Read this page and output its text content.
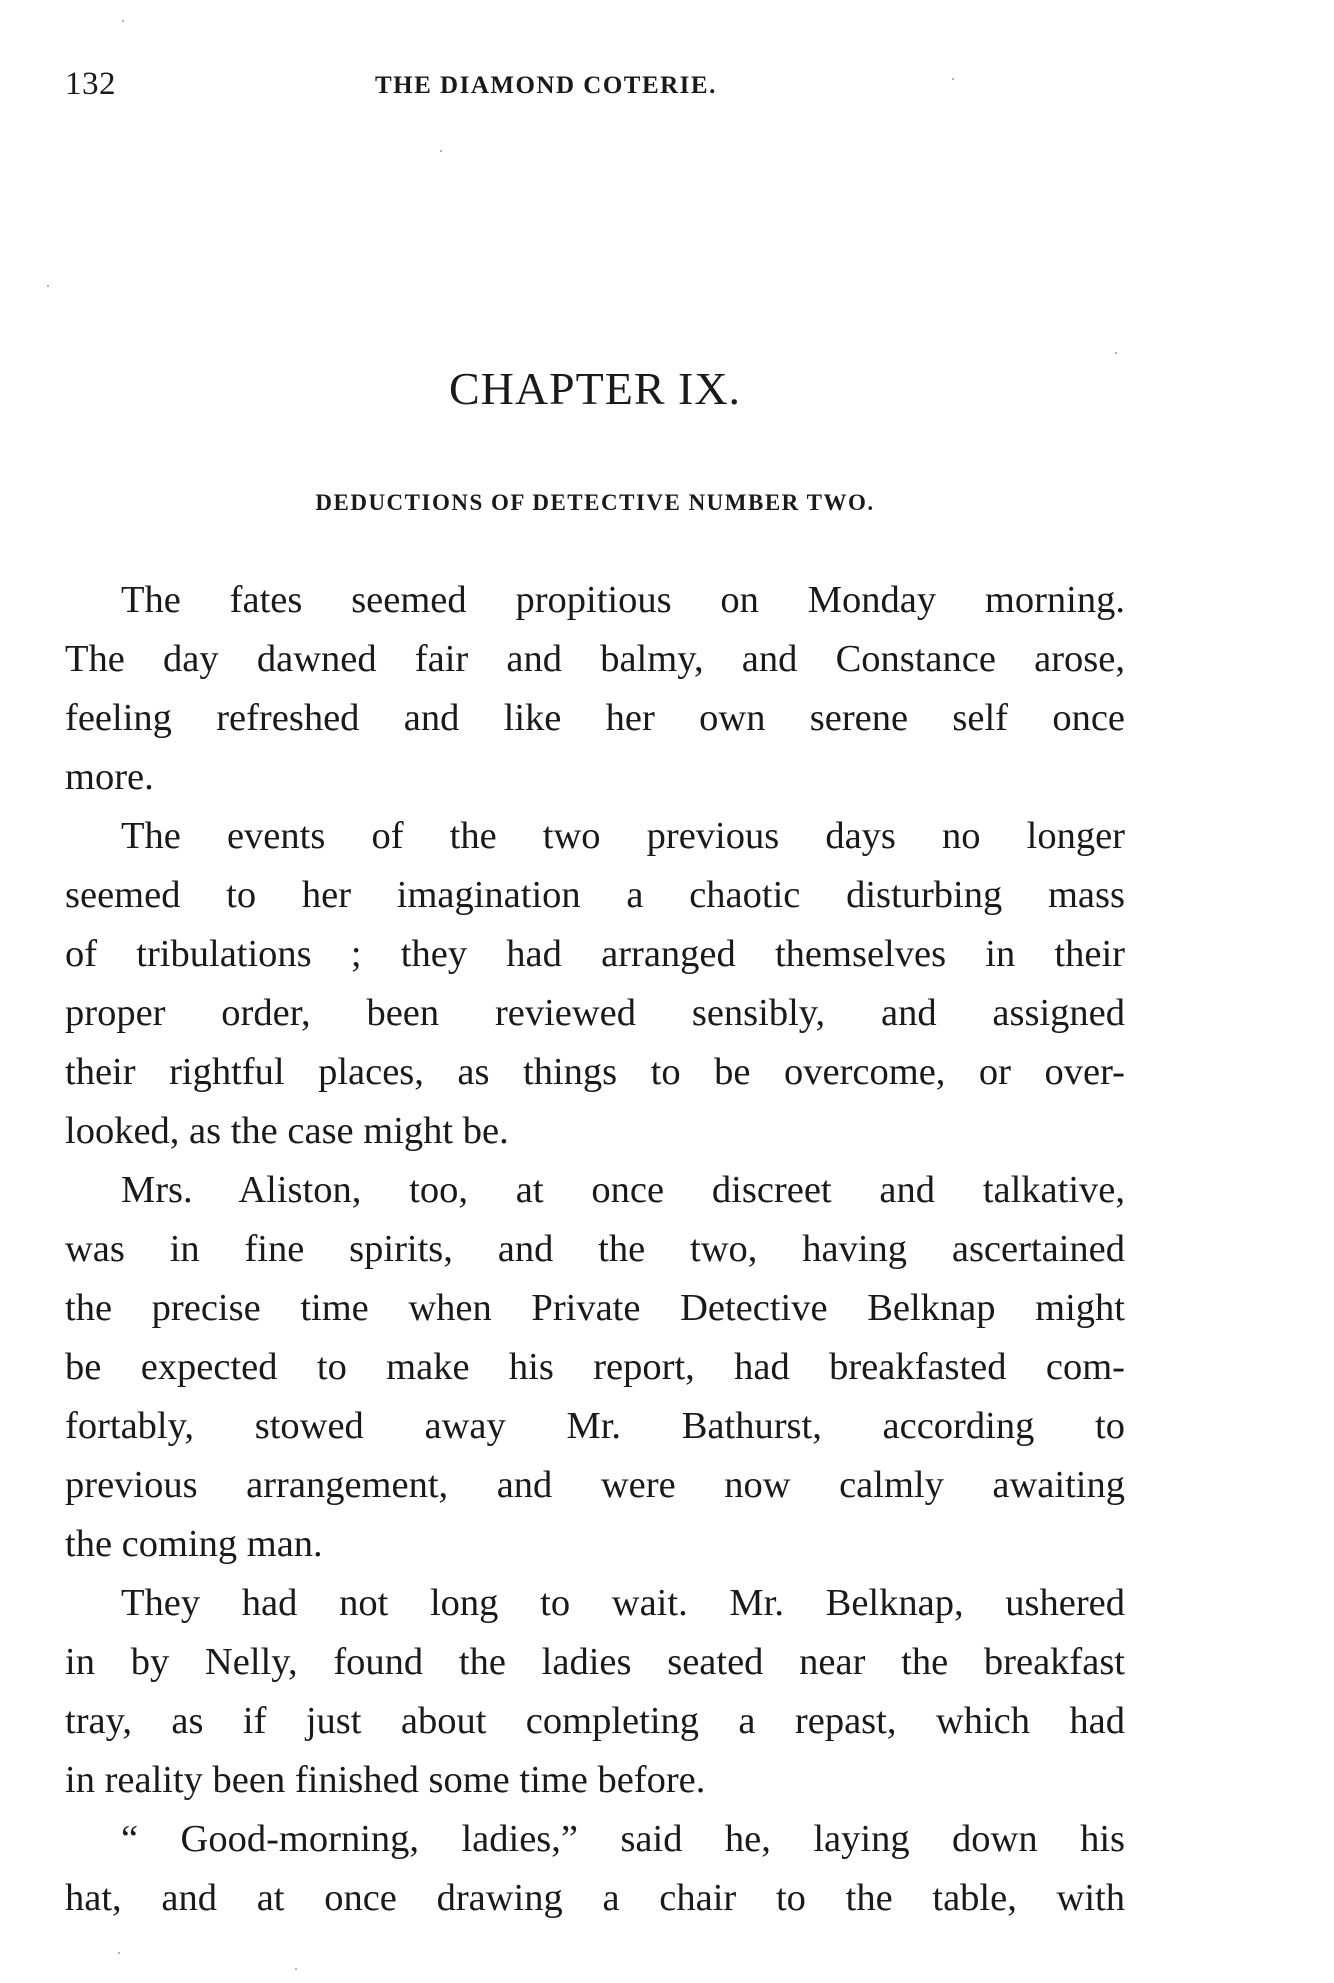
132	THE DIAMOND COTERIE.
CHAPTER IX.
DEDUCTIONS OF DETECTIVE NUMBER TWO.

The fates seemed propitious on Monday morning.
The day dawned fair and balmy, and Constance arose,
feeling refreshed and like her own serene self once
more.

The events of the two previous days no longer
seemed to her imagination a chaotic disturbing mass
of tribulations ; they had arranged themselves in their
proper order, been reviewed sensibly, and assigned
their rightful places, as things to be overcome, or over-
looked, as the case might be.

Mrs. Aliston, too, at once discreet and talkative,
was in fine spirits, and the two, having ascertained
the precise time when Private Detective Belknap might
be expected to make his report, had breakfasted com-
fortably, stowed away Mr. Bathurst, according to
previous arrangement, and were now calmly awaiting
the coming man.

They had not long to wait. Mr. Belknap, ushered
in by Nelly, found the ladies seated near the breakfast
tray, as if just about completing a repast, which had
in reality been finished some time before.

“ Good-morning, ladies,” said he, laying down his
hat, and at once drawing a chair to the table, with
